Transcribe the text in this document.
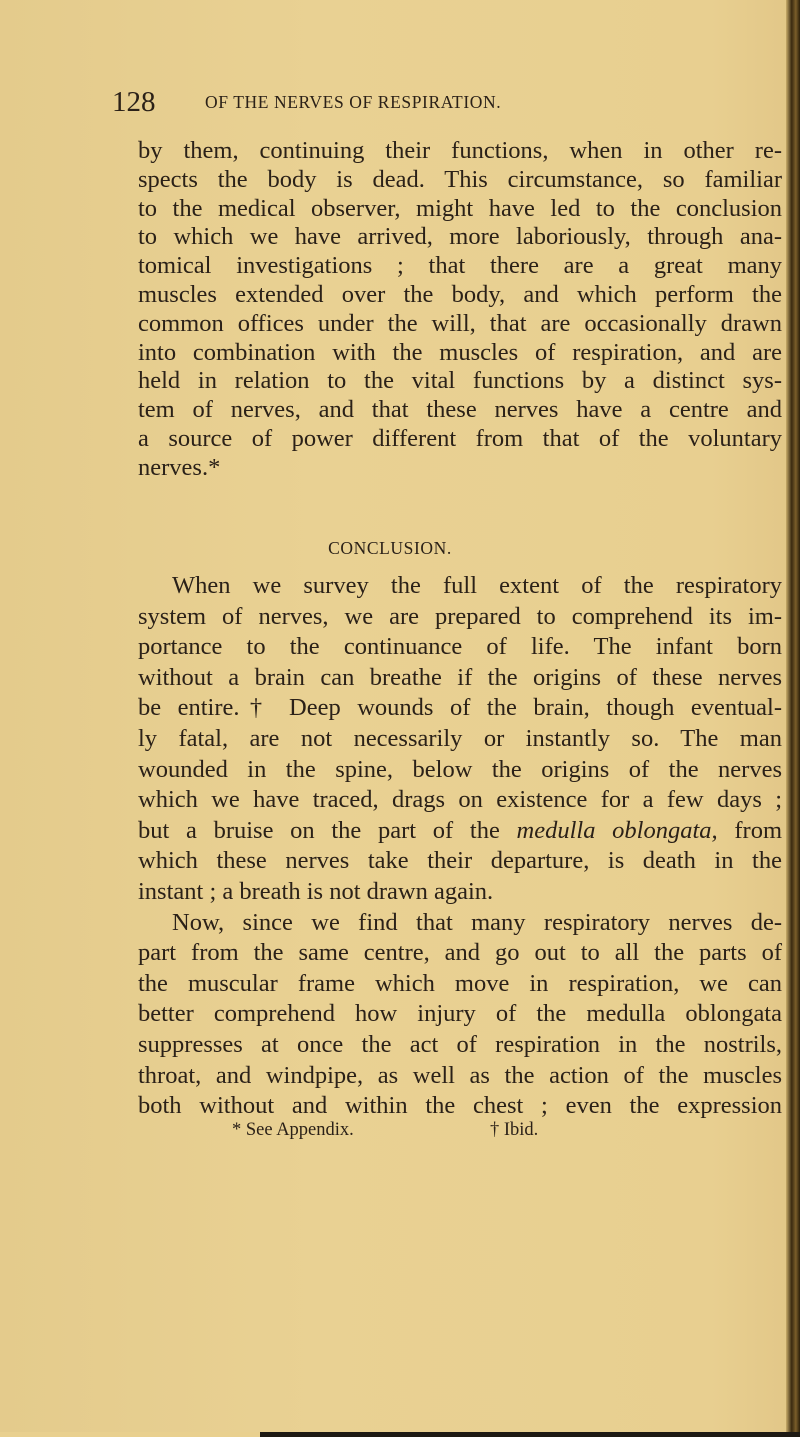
128	OF THE NERVES OF RESPIRATION.
by them, continuing their functions, when in other re-
spects the body is dead. This circumstance, so familiar
to the medical observer, might have led to the conclusion
to which we have arrived, more laboriously, through ana-
tomical investigations ; that there are a great many
muscles extended over the body, and which perform the
common offices under the will, that are occasionally drawn
into combination with the muscles of respiration, and are
held in relation to the vital functions by a distinct sys-
tem of nerves, and that these nerves have a centre and
a source of power different from that of the voluntary
nerves.*
CONCLUSION.
When we survey the full extent of the respiratory
system of nerves, we are prepared to comprehend its im-
portance to the continuance of life. The infant born
without a brain can breathe if the origins of these nerves
be entire.† Deep wounds of the brain, though eventual-
ly fatal, are not necessarily or instantly so. The man
wounded in the spine, below the origins of the nerves
which we have traced, drags on existence for a few days ;
but a bruise on the part of the medulla oblongata, from
which these nerves take their departure, is death in the
instant ; a breath is not drawn again.
Now, since we find that many respiratory nerves de-
part from the same centre, and go out to all the parts of
the muscular frame which move in respiration, we can
better comprehend how injury of the medulla oblongata
suppresses at once the act of respiration in the nostrils,
throat, and windpipe, as well as the action of the muscles
both without and within the chest ; even the expression
* See Appendix.	† Ibid.
